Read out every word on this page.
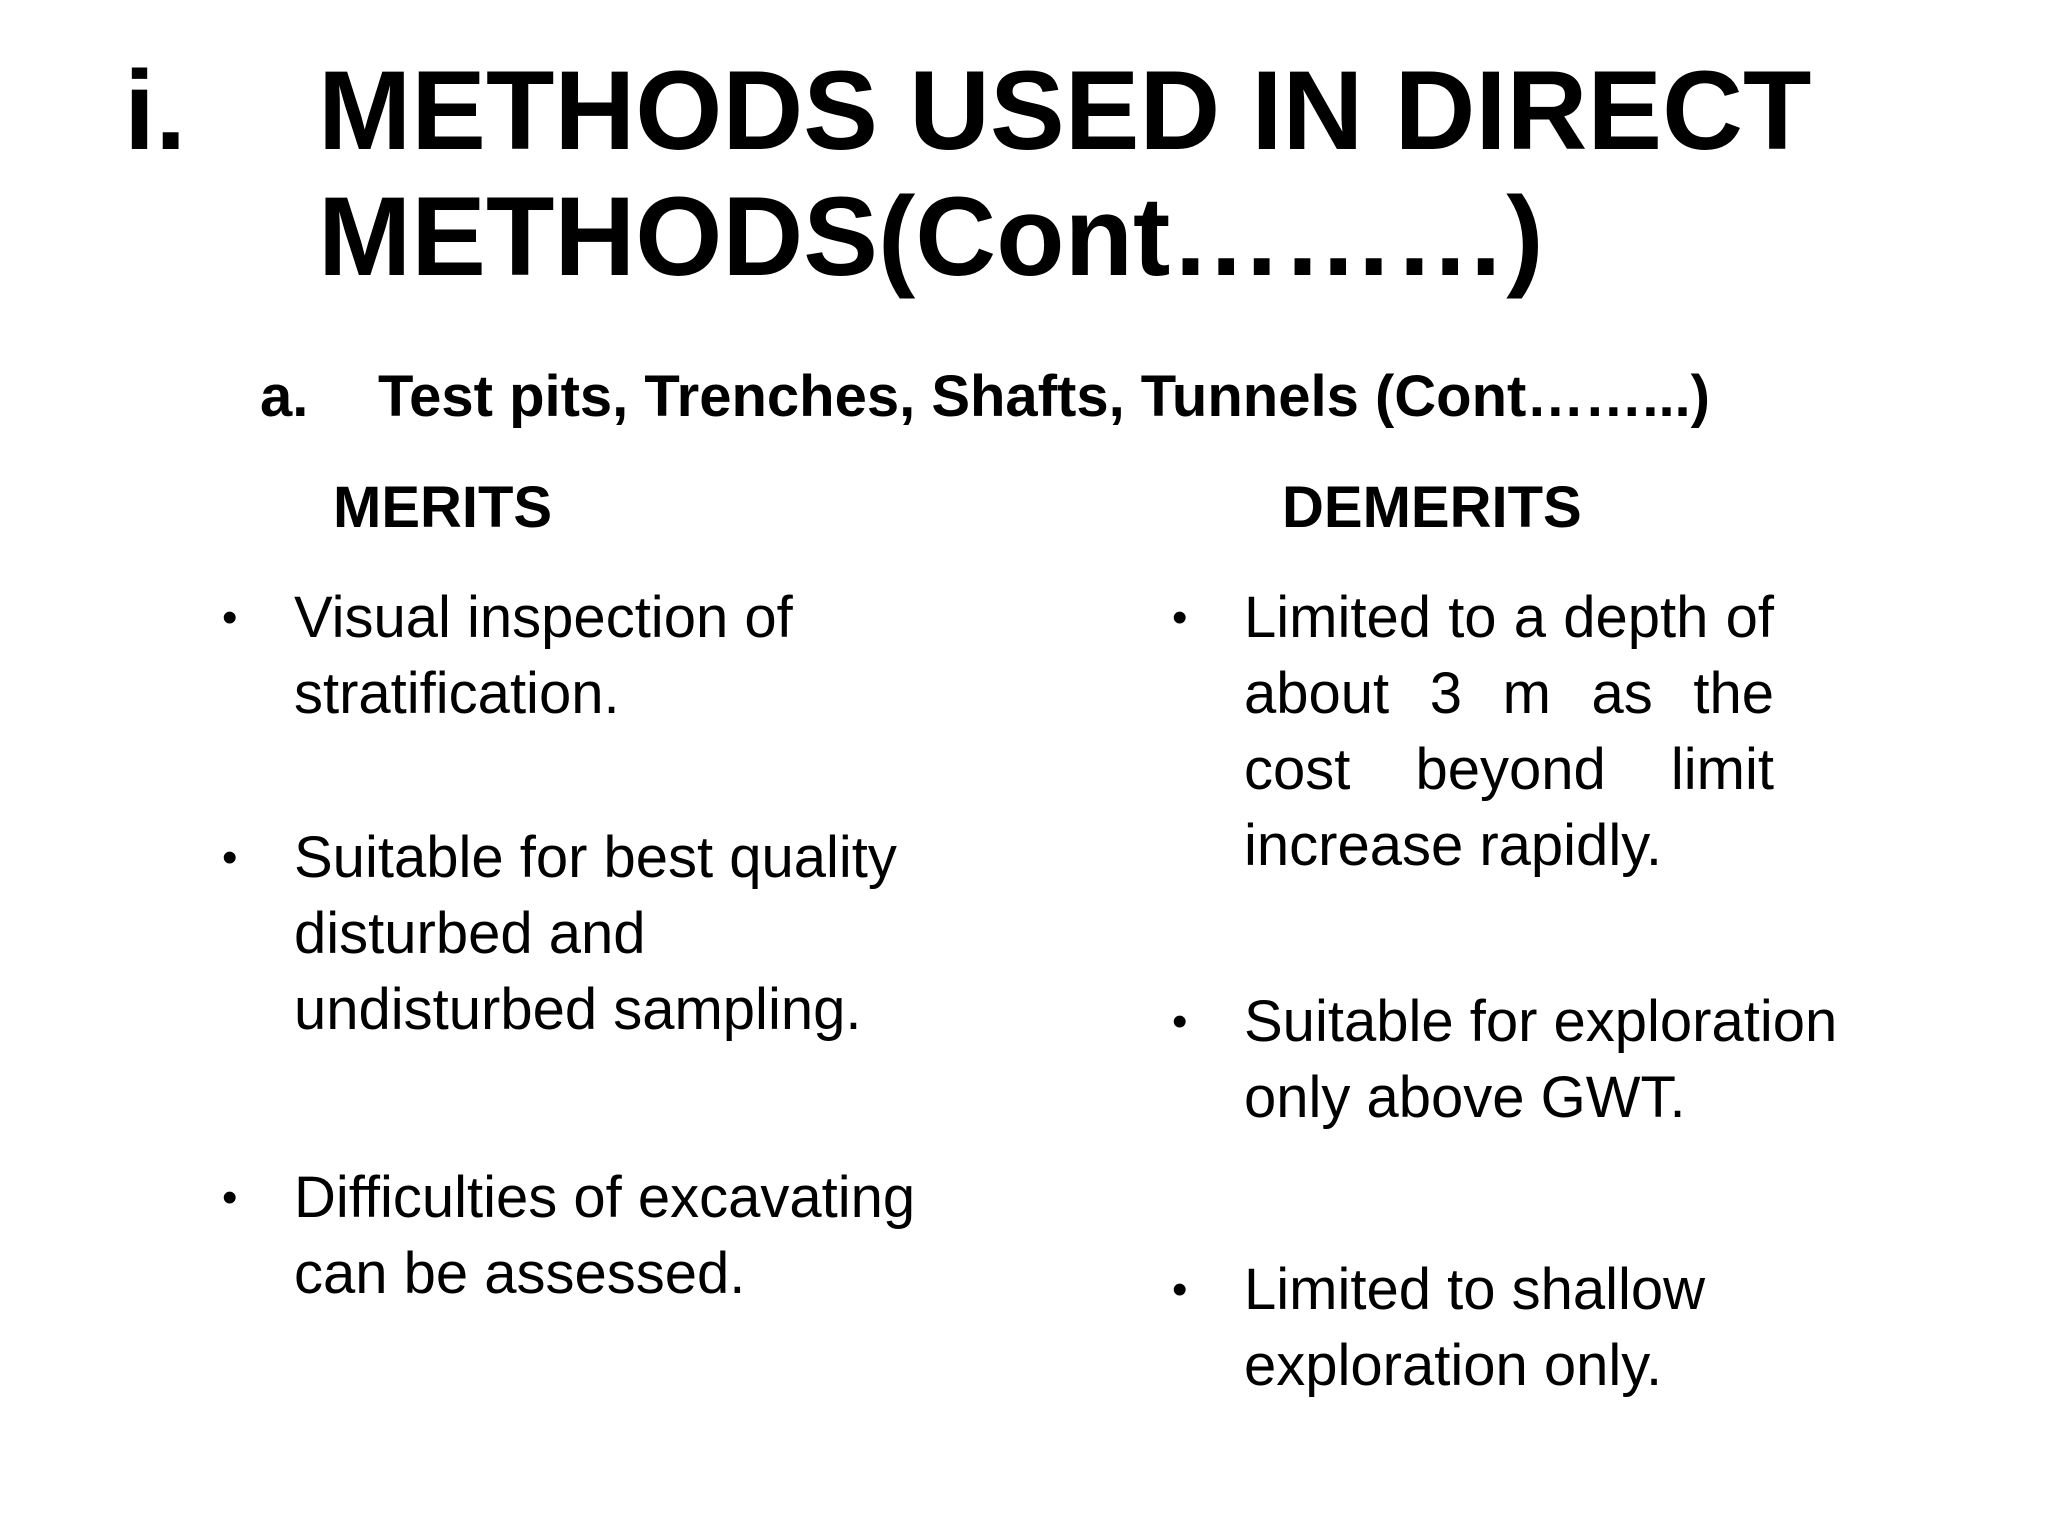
i. METHODS USED IN DIRECT
METHODS(Cont………)
a. Test pits, Trenches, Shafts, Tunnels (Cont……...)
MERITS	DEMERITS
• Visual inspection of
stratification.
• Suitable for best quality
disturbed and
undisturbed sampling.
• Difficulties of excavating
can be assessed.
• Limited to a depth of
about 3 m as the
cost beyond limit
increase rapidly.
• Suitable for exploration
only above GWT.
• Limited to shallow
exploration only.
